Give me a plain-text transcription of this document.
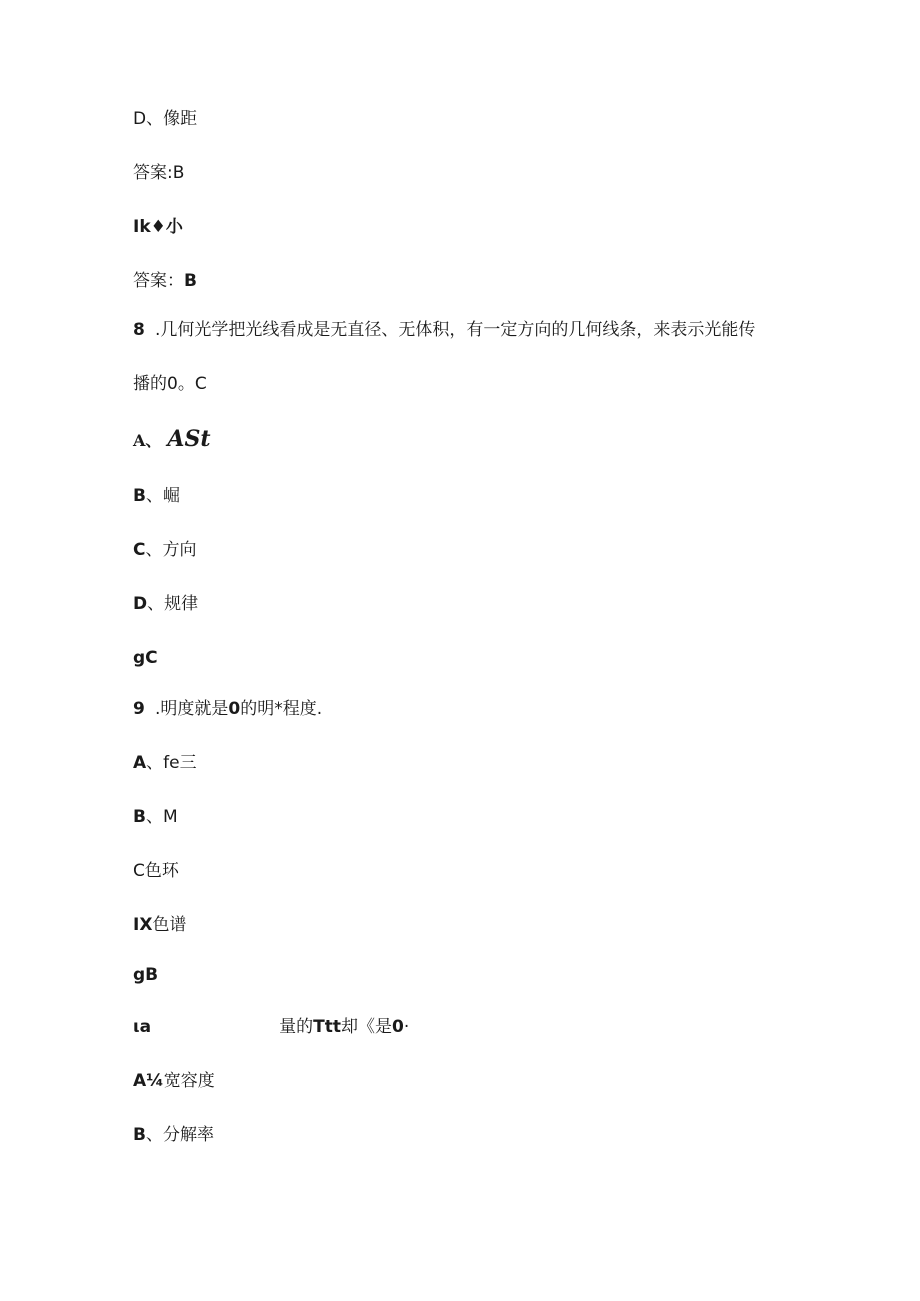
D、像距
答案:B
Ik♦小
答案：B
8 .几何光学把光线看成是无直径、无体积，有一定方向的几何线条，来表示光能传
播的0。C
A、 ASt
B、崛
C、方向
D、规律
gC
9 .明度就是0的明*程度.
A、fe三
B、M
C色环
IX色谱
gB
ιa	量的Ttt却《是0·
A¼宽容度
B、分解率
